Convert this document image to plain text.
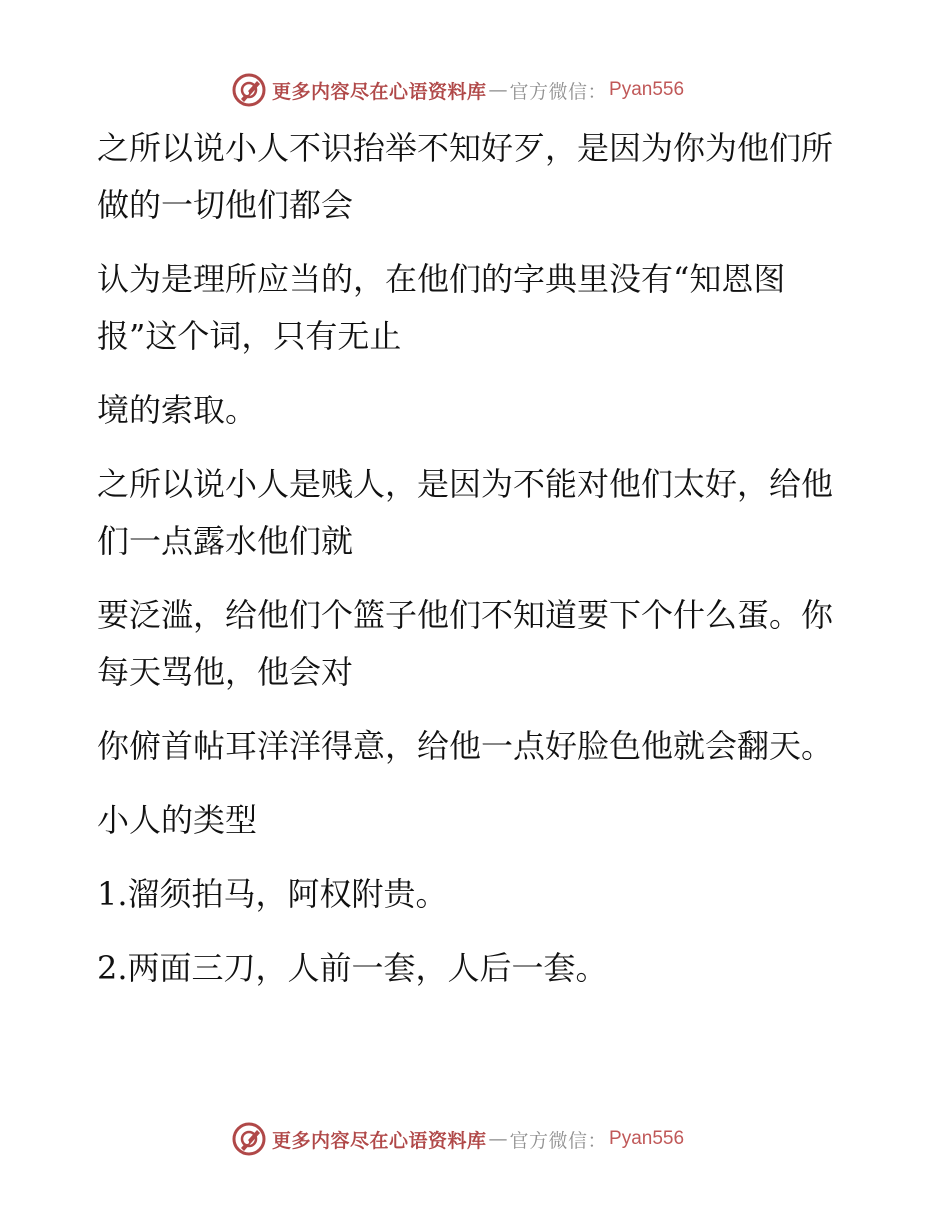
更多内容尽在心语资料库 — 官方微信： Pyan556

之所以说小人不识抬举不知好歹，是因为你为他们所做的一切他们都会

认为是理所应当的，在他们的字典里没有“知恩图报”这个词，只有无止

境的索取。

之所以说小人是贱人，是因为不能对他们太好，给他们一点露水他们就

要泛滥，给他们个篮子他们不知道要下个什么蛋。你每天骂他，他会对

你俯首帖耳洋洋得意，给他一点好脸色他就会翻天。

小人的类型

1.溜须拍马，阿权附贵。

2.两面三刀，人前一套，人后一套。

更多内容尽在心语资料库 — 官方微信： Pyan556
